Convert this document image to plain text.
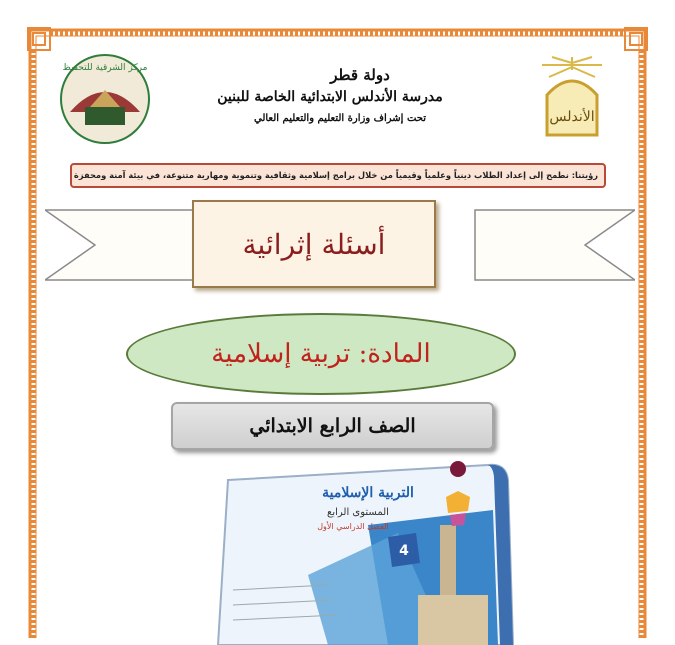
مركز الشرقية للتحفيظ
الأندلس
دولة قطر
مدرسة الأندلس الابتدائية الخاصة للبنين
تحت إشراف وزارة التعليم والتعليم العالي
رؤيتنا: نطمح إلى إعداد الطلاب دينياً وعلمياً وقيمياً من خلال برامج إسلامية وثقافية وتنموية ومهارية متنوعة، في بيئة آمنة ومحفزة
أسئلة إثرائية
المادة: تربية إسلامية
الصف الرابع الابتدائي
4
التربية الإسلامية
المستوى الرابع
الفصل الدراسي الأول
﻿
